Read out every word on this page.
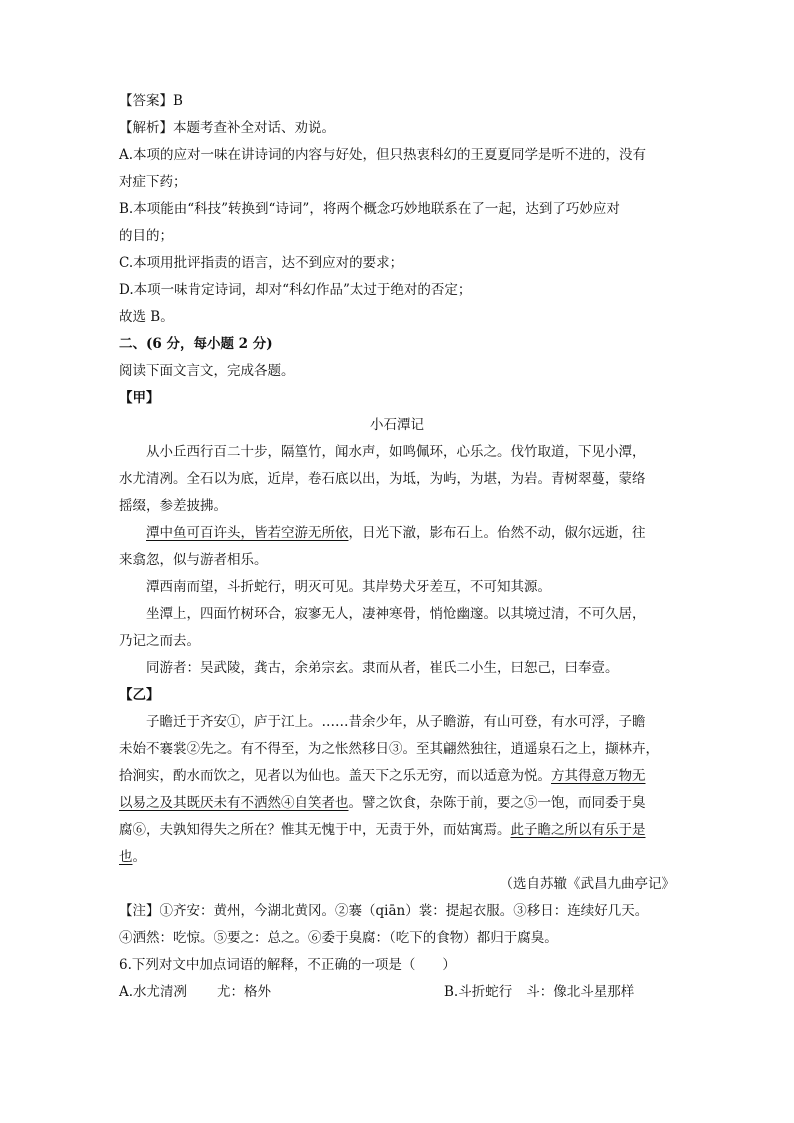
【答案】B
【解析】本题考查补全对话、劝说。
A.本项的应对一味在讲诗词的内容与好处，但只热衷科幻的王夏夏同学是听不进的，没有
对症下药；
B.本项能由“科技”转换到“诗词”，将两个概念巧妙地联系在了一起，达到了巧妙应对
的目的；
C.本项用批评指责的语言，达不到应对的要求；
D.本项一味肯定诗词，却对“科幻作品”太过于绝对的否定；
故选 B。
二、(6 分，每小题 2 分)
阅读下面文言文，完成各题。
【甲】
小石潭记
从小丘西行百二十步，隔篁竹，闻水声，如鸣佩环，心乐之。伐竹取道，下见小潭，
水尤清冽。全石以为底，近岸，卷石底以出，为坻，为屿，为堪，为岩。青树翠蔓，蒙络
摇缀，参差披拂。
潭中鱼可百许头，皆若空游无所依，日光下澈，影布石上。佁然不动，俶尔远逝，往
来翕忽，似与游者相乐。
潭西南而望，斗折蛇行，明灭可见。其岸势犬牙差互，不可知其源。
坐潭上，四面竹树环合，寂寥无人，凄神寒骨，悄怆幽邃。以其境过清，不可久居，
乃记之而去。
同游者：吴武陵，龚古，余弟宗玄。隶而从者，崔氏二小生，曰恕己，曰奉壹。
【乙】
子瞻迁于齐安①，庐于江上。……昔余少年，从子瞻游，有山可登，有水可浮，子瞻
未始不褰裳②先之。有不得至，为之怅然移日③。至其翩然独往，逍遥泉石之上，撷林卉，
拾涧实，酌水而饮之，见者以为仙也。盖天下之乐无穷，而以适意为悦。方其得意万物无
以易之及其既厌未有不洒然④自笑者也。譬之饮食，杂陈于前，要之⑤一饱，而同委于臭
腐⑥，夫孰知得失之所在？惟其无愧于中，无责于外，而姑寓焉。此子瞻之所以有乐于是
也。
（选自苏辙《武昌九曲亭记》
【注】①齐安：黄州，今湖北黄冈。②褰（qiān）裳：提起衣服。③移日：连续好几天。
④洒然：吃惊。⑤要之：总之。⑥委于臭腐：（吃下的食物）都归于腐臭。
6.下列对文中加点词语的解释，不正确的一项是（　　）
A.水尤清冽 尤：格外	B.斗折蛇行 斗：像北斗星那样
